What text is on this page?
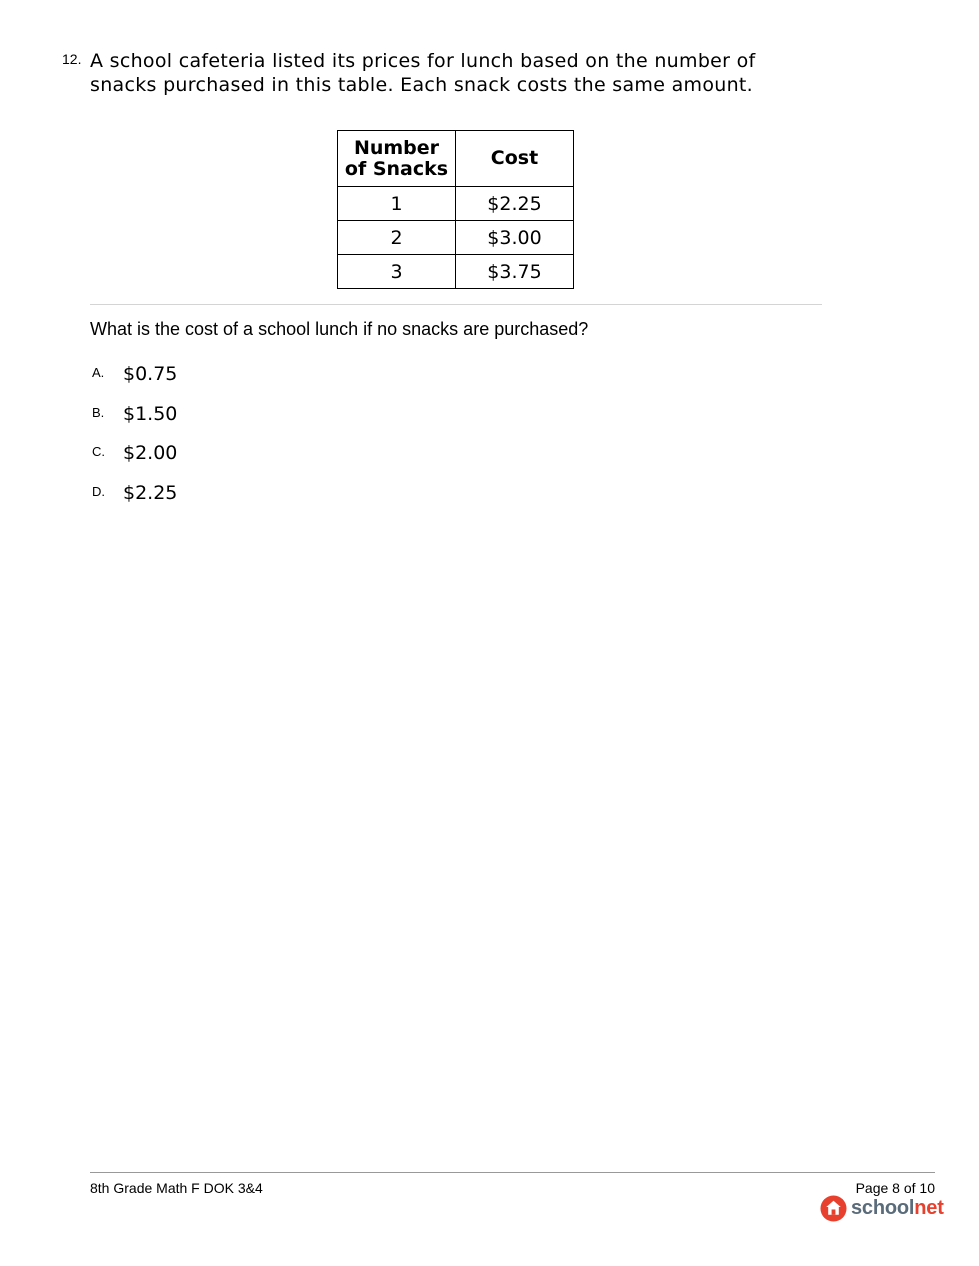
12. A school cafeteria listed its prices for lunch based on the number of snacks purchased in this table. Each snack costs the same amount.
Number of Snacks	Cost
1	$2.25
2	$3.00
3	$3.75
What is the cost of a school lunch if no snacks are purchased?
A. $0.75
B. $1.50
C. $2.00
D. $2.25
8th Grade Math F DOK 3&4	Page 8 of 10
school net
